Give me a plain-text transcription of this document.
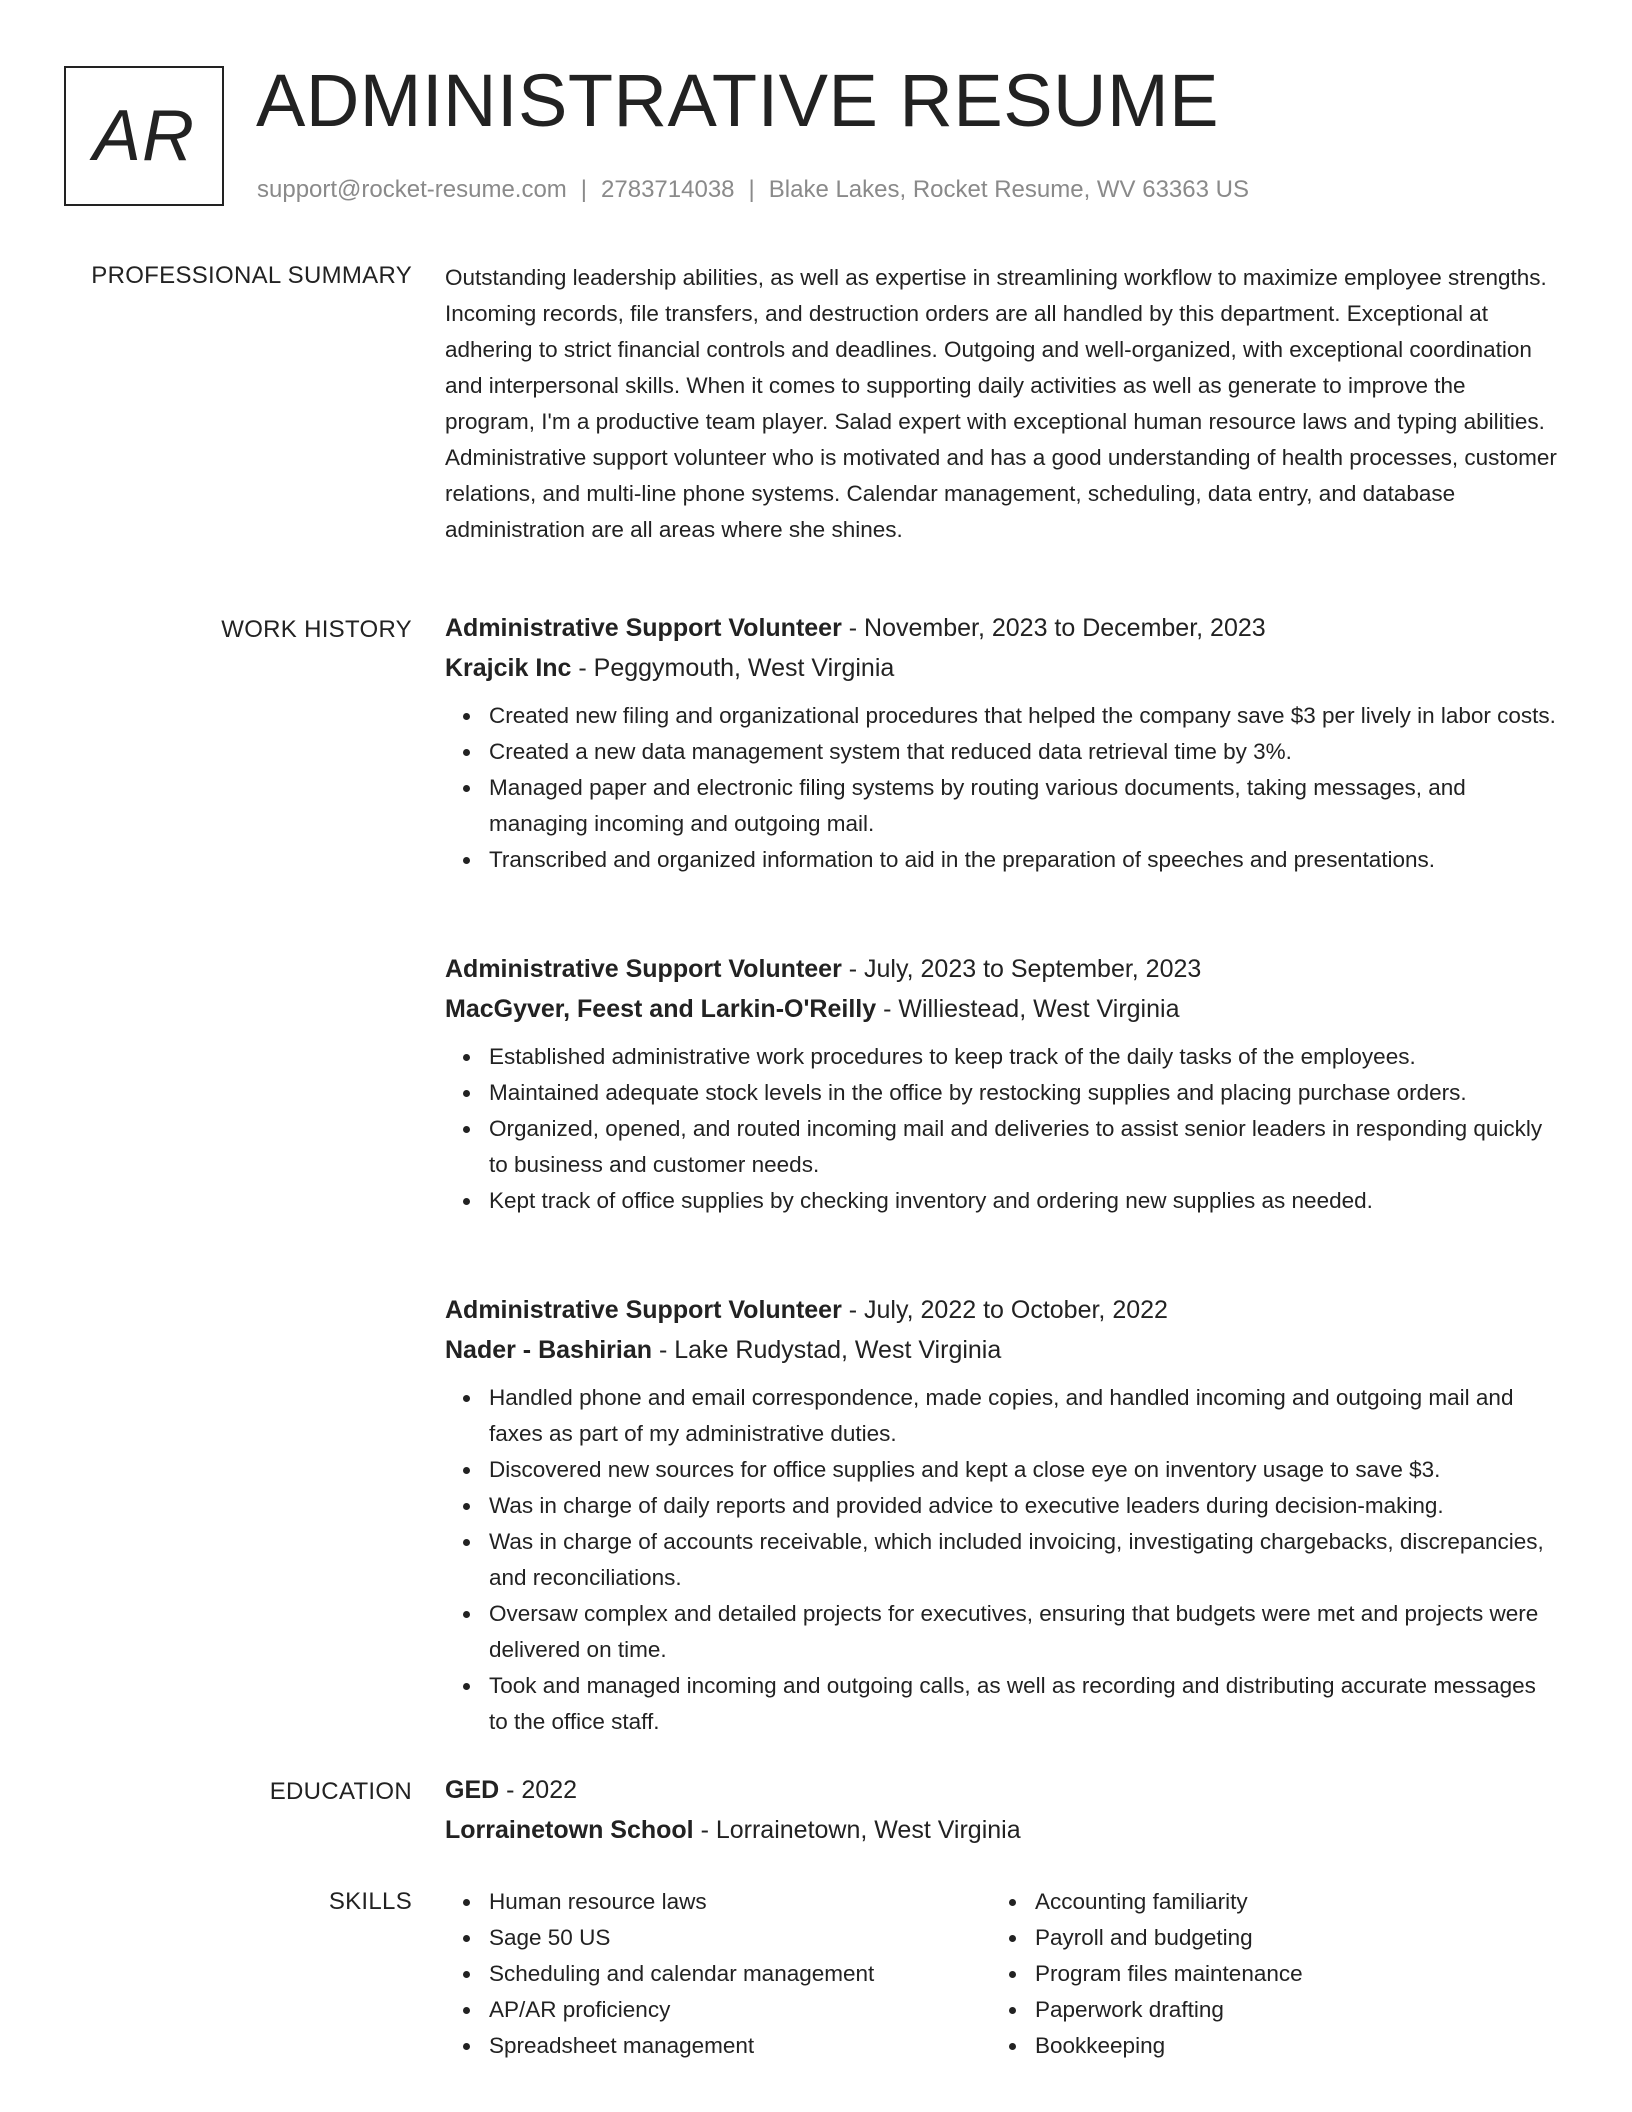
AR ADMINISTRATIVE RESUME
support@rocket-resume.com | 2783714038 | Blake Lakes, Rocket Resume, WV 63363 US
PROFESSIONAL SUMMARY Outstanding leadership abilities, as well as expertise in streamlining workflow to maximize employee strengths. Incoming records, file transfers, and destruction orders are all handled by this department. Exceptional at adhering to strict financial controls and deadlines. Outgoing and well-organized, with exceptional coordination and interpersonal skills. When it comes to supporting daily activities as well as generate to improve the program, I'm a productive team player. Salad expert with exceptional human resource laws and typing abilities. Administrative support volunteer who is motivated and has a good understanding of health processes, customer relations, and multi-line phone systems. Calendar management, scheduling, data entry, and database administration are all areas where she shines.

WORK HISTORY Administrative Support Volunteer - November, 2023 to December, 2023
Krajcik Inc - Peggymouth, West Virginia
Created new filing and organizational procedures that helped the company save $3 per lively in labor costs.
Created a new data management system that reduced data retrieval time by 3%.
Managed paper and electronic filing systems by routing various documents, taking messages, and managing incoming and outgoing mail.
Transcribed and organized information to aid in the preparation of speeches and presentations.
Administrative Support Volunteer - July, 2023 to September, 2023
MacGyver, Feest and Larkin-O'Reilly - Williestead, West Virginia
Established administrative work procedures to keep track of the daily tasks of the employees.
Maintained adequate stock levels in the office by restocking supplies and placing purchase orders.
Organized, opened, and routed incoming mail and deliveries to assist senior leaders in responding quickly to business and customer needs.
Kept track of office supplies by checking inventory and ordering new supplies as needed.
Administrative Support Volunteer - July, 2022 to October, 2022
Nader - Bashirian - Lake Rudystad, West Virginia
Handled phone and email correspondence, made copies, and handled incoming and outgoing mail and faxes as part of my administrative duties.
Discovered new sources for office supplies and kept a close eye on inventory usage to save $3.
Was in charge of daily reports and provided advice to executive leaders during decision-making.
Was in charge of accounts receivable, which included invoicing, investigating chargebacks, discrepancies, and reconciliations.
Oversaw complex and detailed projects for executives, ensuring that budgets were met and projects were delivered on time.
Took and managed incoming and outgoing calls, as well as recording and distributing accurate messages to the office staff.
EDUCATION GED - 2022
Lorrainetown School - Lorrainetown, West Virginia
SKILLS	Human resource laws
Sage 50 US
Scheduling and calendar management
AP/AR proficiency
Spreadsheet management
Accounting familiarity
Payroll and budgeting
Program files maintenance
Paperwork drafting
Bookkeeping
